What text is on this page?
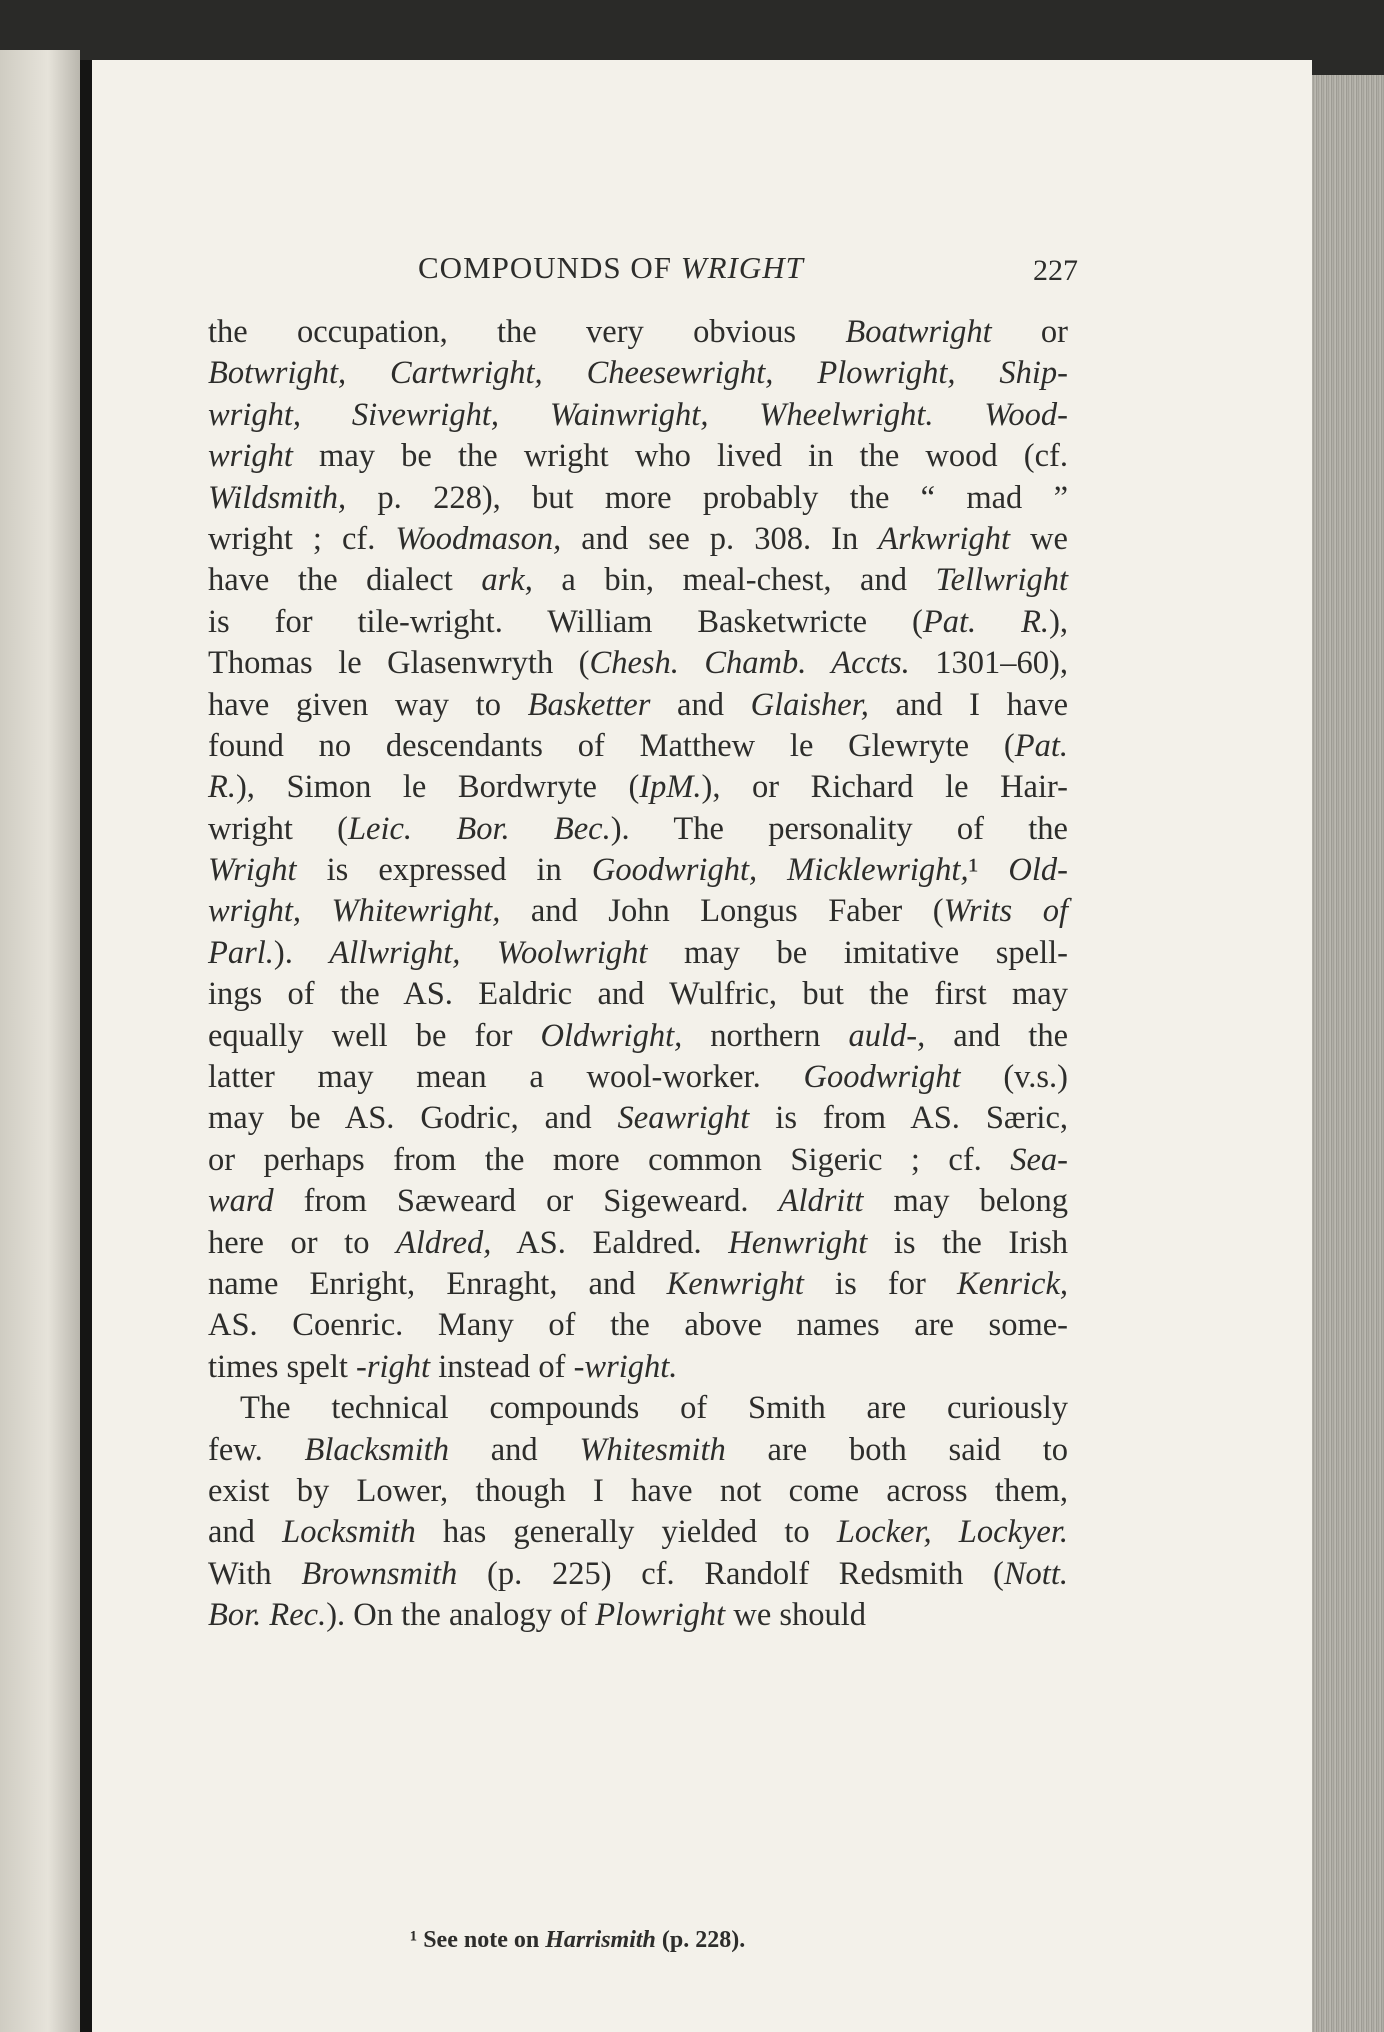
COMPOUNDS OF WRIGHT	227
the occupation, the very obvious Boatwright or
Botwright, Cartwright, Cheesewright, Plowright, Ship-
wright, Sivewright, Wainwright, Wheelwright. Wood-
wright may be the wright who lived in the wood (cf.
Wildsmith, p. 228), but more probably the “ mad ”
wright ; cf. Woodmason, and see p. 308. In Arkwright we
have the dialect ark, a bin, meal-chest, and Tellwright
is for tile-wright. William Basketwricte (Pat. R.),
Thomas le Glasenwryth (Chesh. Chamb. Accts. 1301–60),
have given way to Basketter and Glaisher, and I have
found no descendants of Matthew le Glewryte (Pat.
R.), Simon le Bordwryte (IpM.), or Richard le Hair-
wright (Leic. Bor. Bec.). The personality of the
Wright is expressed in Goodwright, Micklewright,¹ Old-
wright, Whitewright, and John Longus Faber (Writs of
Parl.). Allwright, Woolwright may be imitative spell-
ings of the AS. Ealdric and Wulfric, but the first may
equally well be for Oldwright, northern auld-, and the
latter may mean a wool-worker. Goodwright (v.s.)
may be AS. Godric, and Seawright is from AS. Særic,
or perhaps from the more common Sigeric ; cf. Sea-
ward from Sæweard or Sigeweard. Aldritt may belong
here or to Aldred, AS. Ealdred. Henwright is the Irish
name Enright, Enraght, and Kenwright is for Kenrick,
AS. Coenric. Many of the above names are some-
times spelt -right instead of -wright.
The technical compounds of Smith are curiously
few. Blacksmith and Whitesmith are both said to
exist by Lower, though I have not come across them,
and Locksmith has generally yielded to Locker, Lockyer.
With Brownsmith (p. 225) cf. Randolf Redsmith (Nott.
Bor. Rec.). On the analogy of Plowright we should
¹ See note on Harrismith (p. 228).
